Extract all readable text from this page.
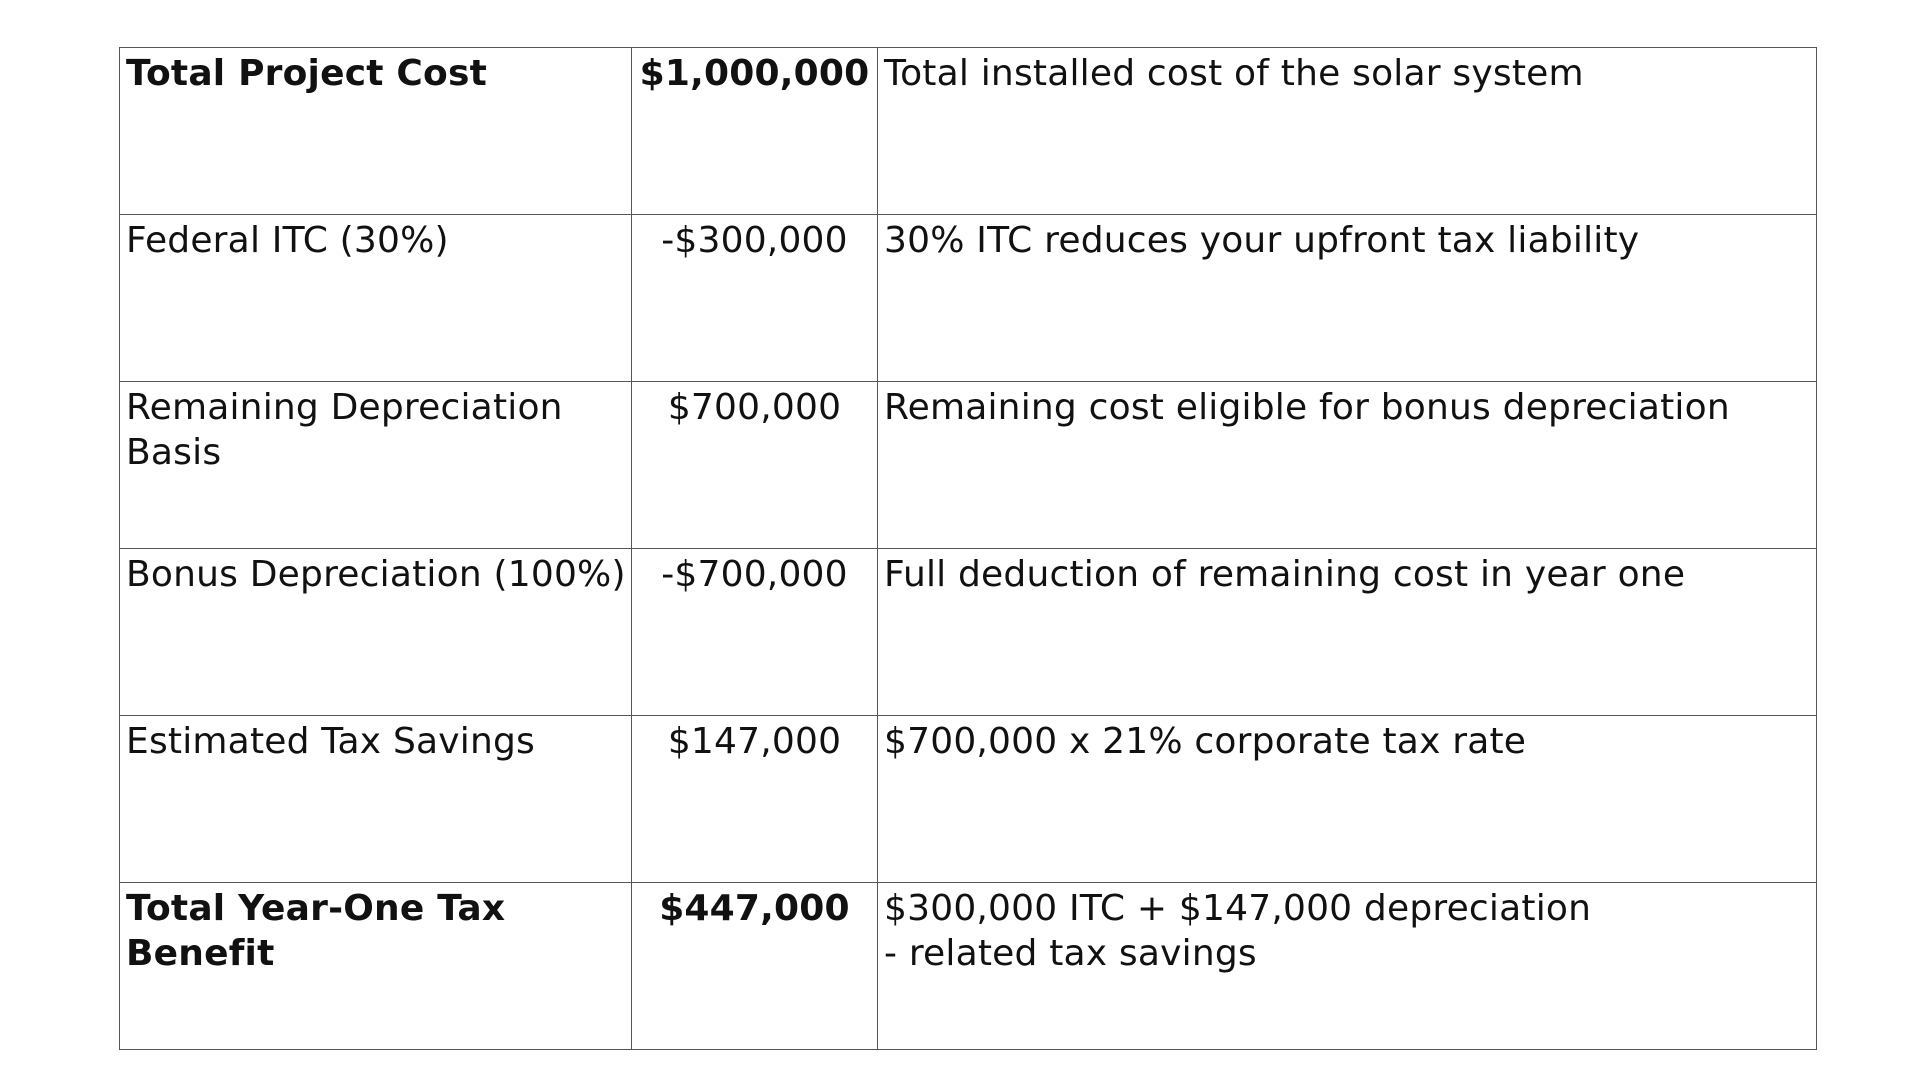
Total Project Cost	$1,000,000	Total installed cost of the solar system
Federal ITC (30%)	-$300,000	30% ITC reduces your upfront tax liability
Remaining Depreciation Basis	$700,000	Remaining cost eligible for bonus depreciation
Bonus Depreciation (100%)	-$700,000	Full deduction of remaining cost in year one
Estimated Tax Savings	$147,000	$700,000 x 21% corporate tax rate
Total Year-One Tax Benefit	$447,000	$300,000 ITC + $147,000 depreciation
- related tax savings
